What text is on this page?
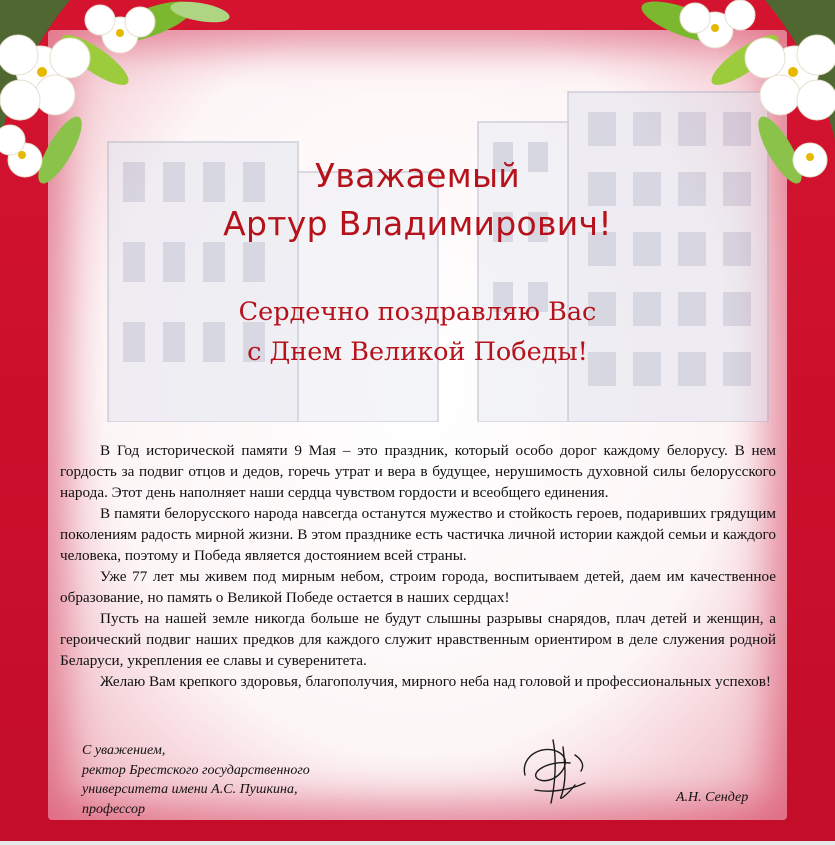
Уважаемый
Артур Владимирович!
Сердечно поздравляю Вас
с Днем Великой Победы!

В Год исторической памяти 9 Мая – это праздник, который особо дорог каждому белорусу. В нем гордость за подвиг отцов и дедов, горечь утрат и вера в будущее, нерушимость духовной силы белорусского народа. Этот день наполняет наши сердца чувством гордости и всеобщего единения.

В памяти белорусского народа навсегда останутся мужество и стойкость героев, подаривших грядущим поколениям радость мирной жизни. В этом празднике есть частичка личной истории каждой семьи и каждого человека, поэтому и Победа является достоянием всей страны.

Уже 77 лет мы живем под мирным небом, строим города, воспитываем детей, даем им качественное образование, но память о Великой Победе остается в наших сердцах!

Пусть на нашей земле никогда больше не будут слышны разрывы снарядов, плач детей и женщин, а героический подвиг наших предков для каждого служит нравственным ориентиром в деле служения родной Беларуси, укрепления ее славы и суверенитета.

Желаю Вам крепкого здоровья, благополучия, мирного неба над головой и профессиональных успехов!

С уважением,
ректор Брестского государственного
университета имени А.С. Пушкина,
профессор
А.Н. Сендер
